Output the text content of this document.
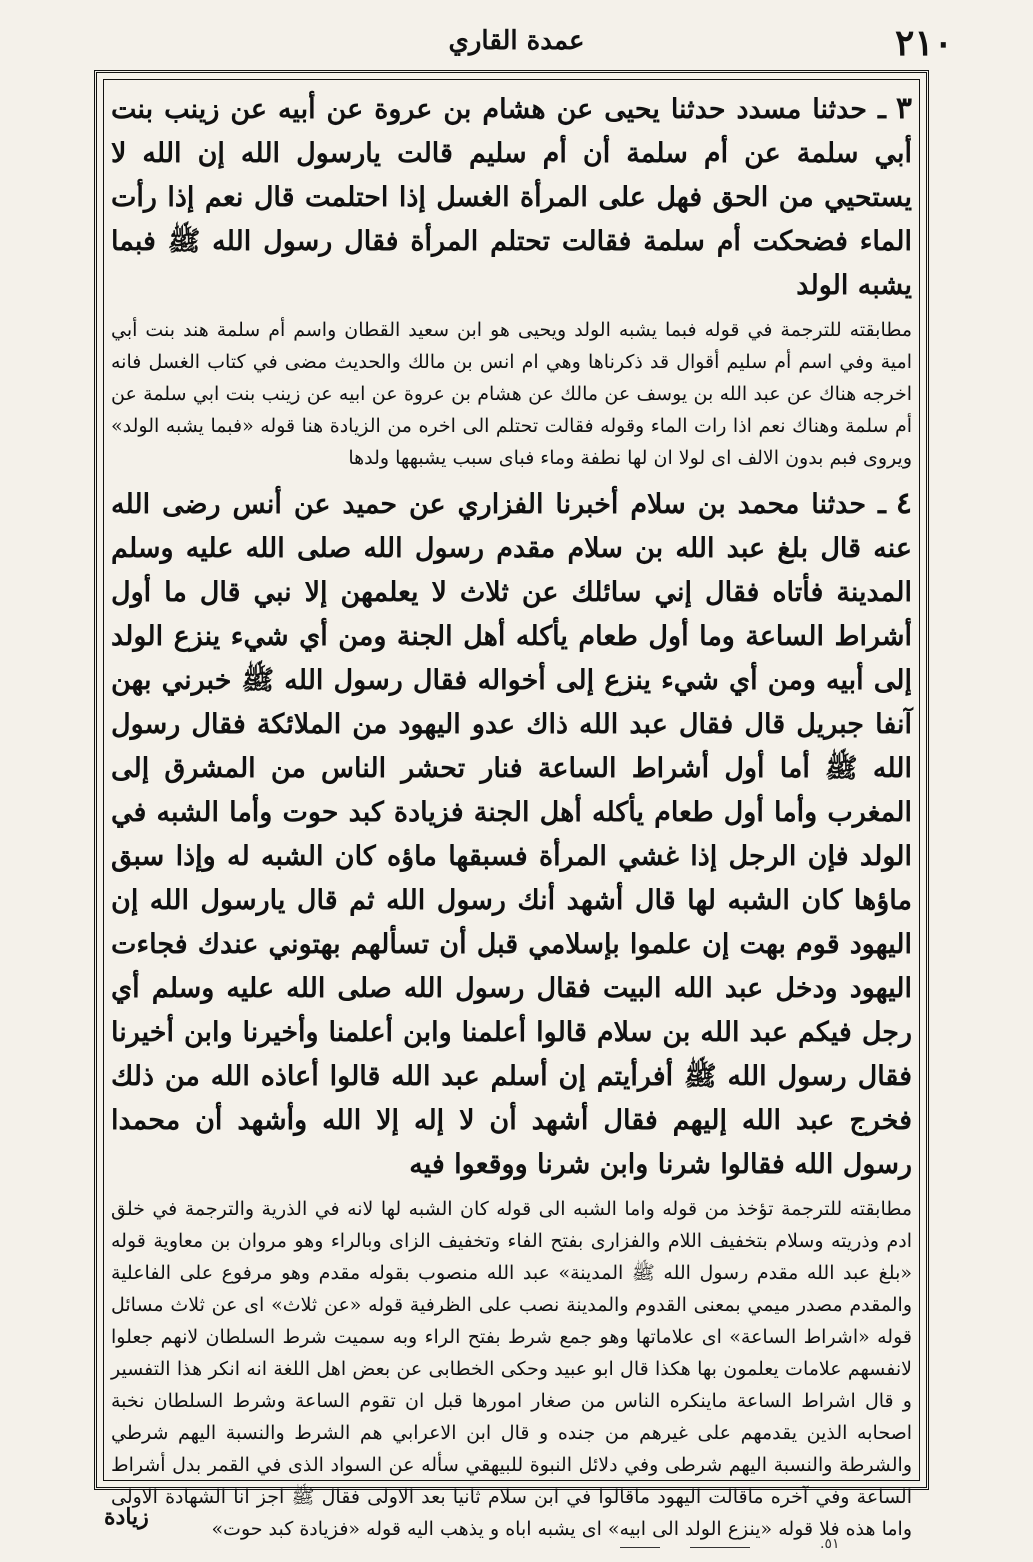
عمدة القاري	٢١٠

٣ـ حدثنا مسدد حدثنا يحيى عن هشام بن عروة عن أبيه عن زينب بنت أبي سلمة عن أم سلمة أن أم سليم قالت يارسول الله إن الله لا يستحيي من الحق فهل على المرأة الغسل إذا احتلمت قال نعم إذا رأت الماء فضحكت أم سلمة فقالت تحتلم المرأة فقال رسول الله ﷺ فبما يشبه الولد

مطابقته للترجمة في قوله فبما يشبه الولد ويحيى هو ابن سعيد القطان واسم أم سلمة هند بنت أبي امية وفي اسم أم سليم أقوال قد ذكرناها وهي ام انس بن مالك والحديث مضى في كتاب الغسل فانه اخرجه هناك عن عبد الله بن يوسف عن مالك عن هشام بن عروة عن ابيه عن زينب بنت ابي سلمة عن أم سلمة وهناك نعم اذا رات الماء وقوله فقالت تحتلم الى اخره من الزيادة هنا قوله «فبما يشبه الولد» ويروى فبم بدون الالف اى لولا ان لها نطفة وماء فباى سبب يشبهها ولدها

٤ـ حدثنا محمد بن سلام أخبرنا الفزاري عن حميد عن أنس رضى الله عنه قال بلغ عبد الله بن سلام مقدم رسول الله صلى الله عليه وسلم المدينة فأتاه فقال إني سائلك عن ثلاث لا يعلمهن إلا نبي قال ما أول أشراط الساعة وما أول طعام يأكله أهل الجنة ومن أي شيء ينزع الولد إلى أبيه ومن أي شيء ينزع إلى أخواله فقال رسول الله ﷺ خبرني بهن آنفا جبريل قال فقال عبد الله ذاك عدو اليهود من الملائكة فقال رسول الله ﷺ أما أول أشراط الساعة فنار تحشر الناس من المشرق إلى المغرب وأما أول طعام يأكله أهل الجنة فزيادة كبد حوت وأما الشبه في الولد فإن الرجل إذا غشي المرأة فسبقها ماؤه كان الشبه له وإذا سبق ماؤها كان الشبه لها قال أشهد أنك رسول الله ثم قال يارسول الله إن اليهود قوم بهت إن علموا بإسلامي قبل أن تسألهم بهتوني عندك فجاءت اليهود ودخل عبد الله البيت فقال رسول الله صلى الله عليه وسلم أي رجل فيكم عبد الله بن سلام قالوا أعلمنا وابن أعلمنا وأخيرنا وابن أخيرنا فقال رسول الله ﷺ أفرأيتم إن أسلم عبد الله قالوا أعاذه الله من ذلك فخرج عبد الله إليهم فقال أشهد أن لا إله إلا الله وأشهد أن محمدا رسول الله فقالوا شرنا وابن شرنا ووقعوا فيه

مطابقته للترجمة تؤخذ من قوله واما الشبه الى قوله كان الشبه لها لانه في الذرية والترجمة في خلق ادم وذريته وسلام بتخفيف اللام والفزارى بفتح الفاء وتخفيف الزاى وبالراء وهو مروان بن معاوية قوله «بلغ عبد الله مقدم رسول الله ﷺ المدينة» عبد الله منصوب بقوله مقدم وهو مرفوع على الفاعلية والمقدم مصدر ميمي بمعنى القدوم والمدينة نصب على الظرفية قوله «عن ثلاث» اى عن ثلاث مسائل قوله «اشراط الساعة» اى علاماتها وهو جمع شرط بفتح الراء وبه سميت شرط السلطان لانهم جعلوا لانفسهم علامات يعلمون بها هكذا قال ابو عبيد وحكى الخطابى عن بعض اهل اللغة انه انكر هذا التفسير و قال اشراط الساعة ماينكره الناس من صغار امورها قبل ان تقوم الساعة وشرط السلطان نخبة اصحابه الذين يقدمهم على غيرهم من جنده و قال ابن الاعرابي هم الشرط والنسبة اليهم شرطي والشرطة والنسبة اليهم شرطى وفي دلائل النبوة للبيهقي سأله عن السواد الذى في القمر بدل أشراط الساعة وفي آخره ماقالت اليهود ماقالوا في ابن سلام ثانيا بعد الاولى فقال ﷺ اجز انا الشهادة الاولى واما هذه فلا قوله «ينزع الولد الى ابيه» اى يشبه اباه و يذهب اليه قوله «فزيادة كبد حوت»

زيادة
.٥١
